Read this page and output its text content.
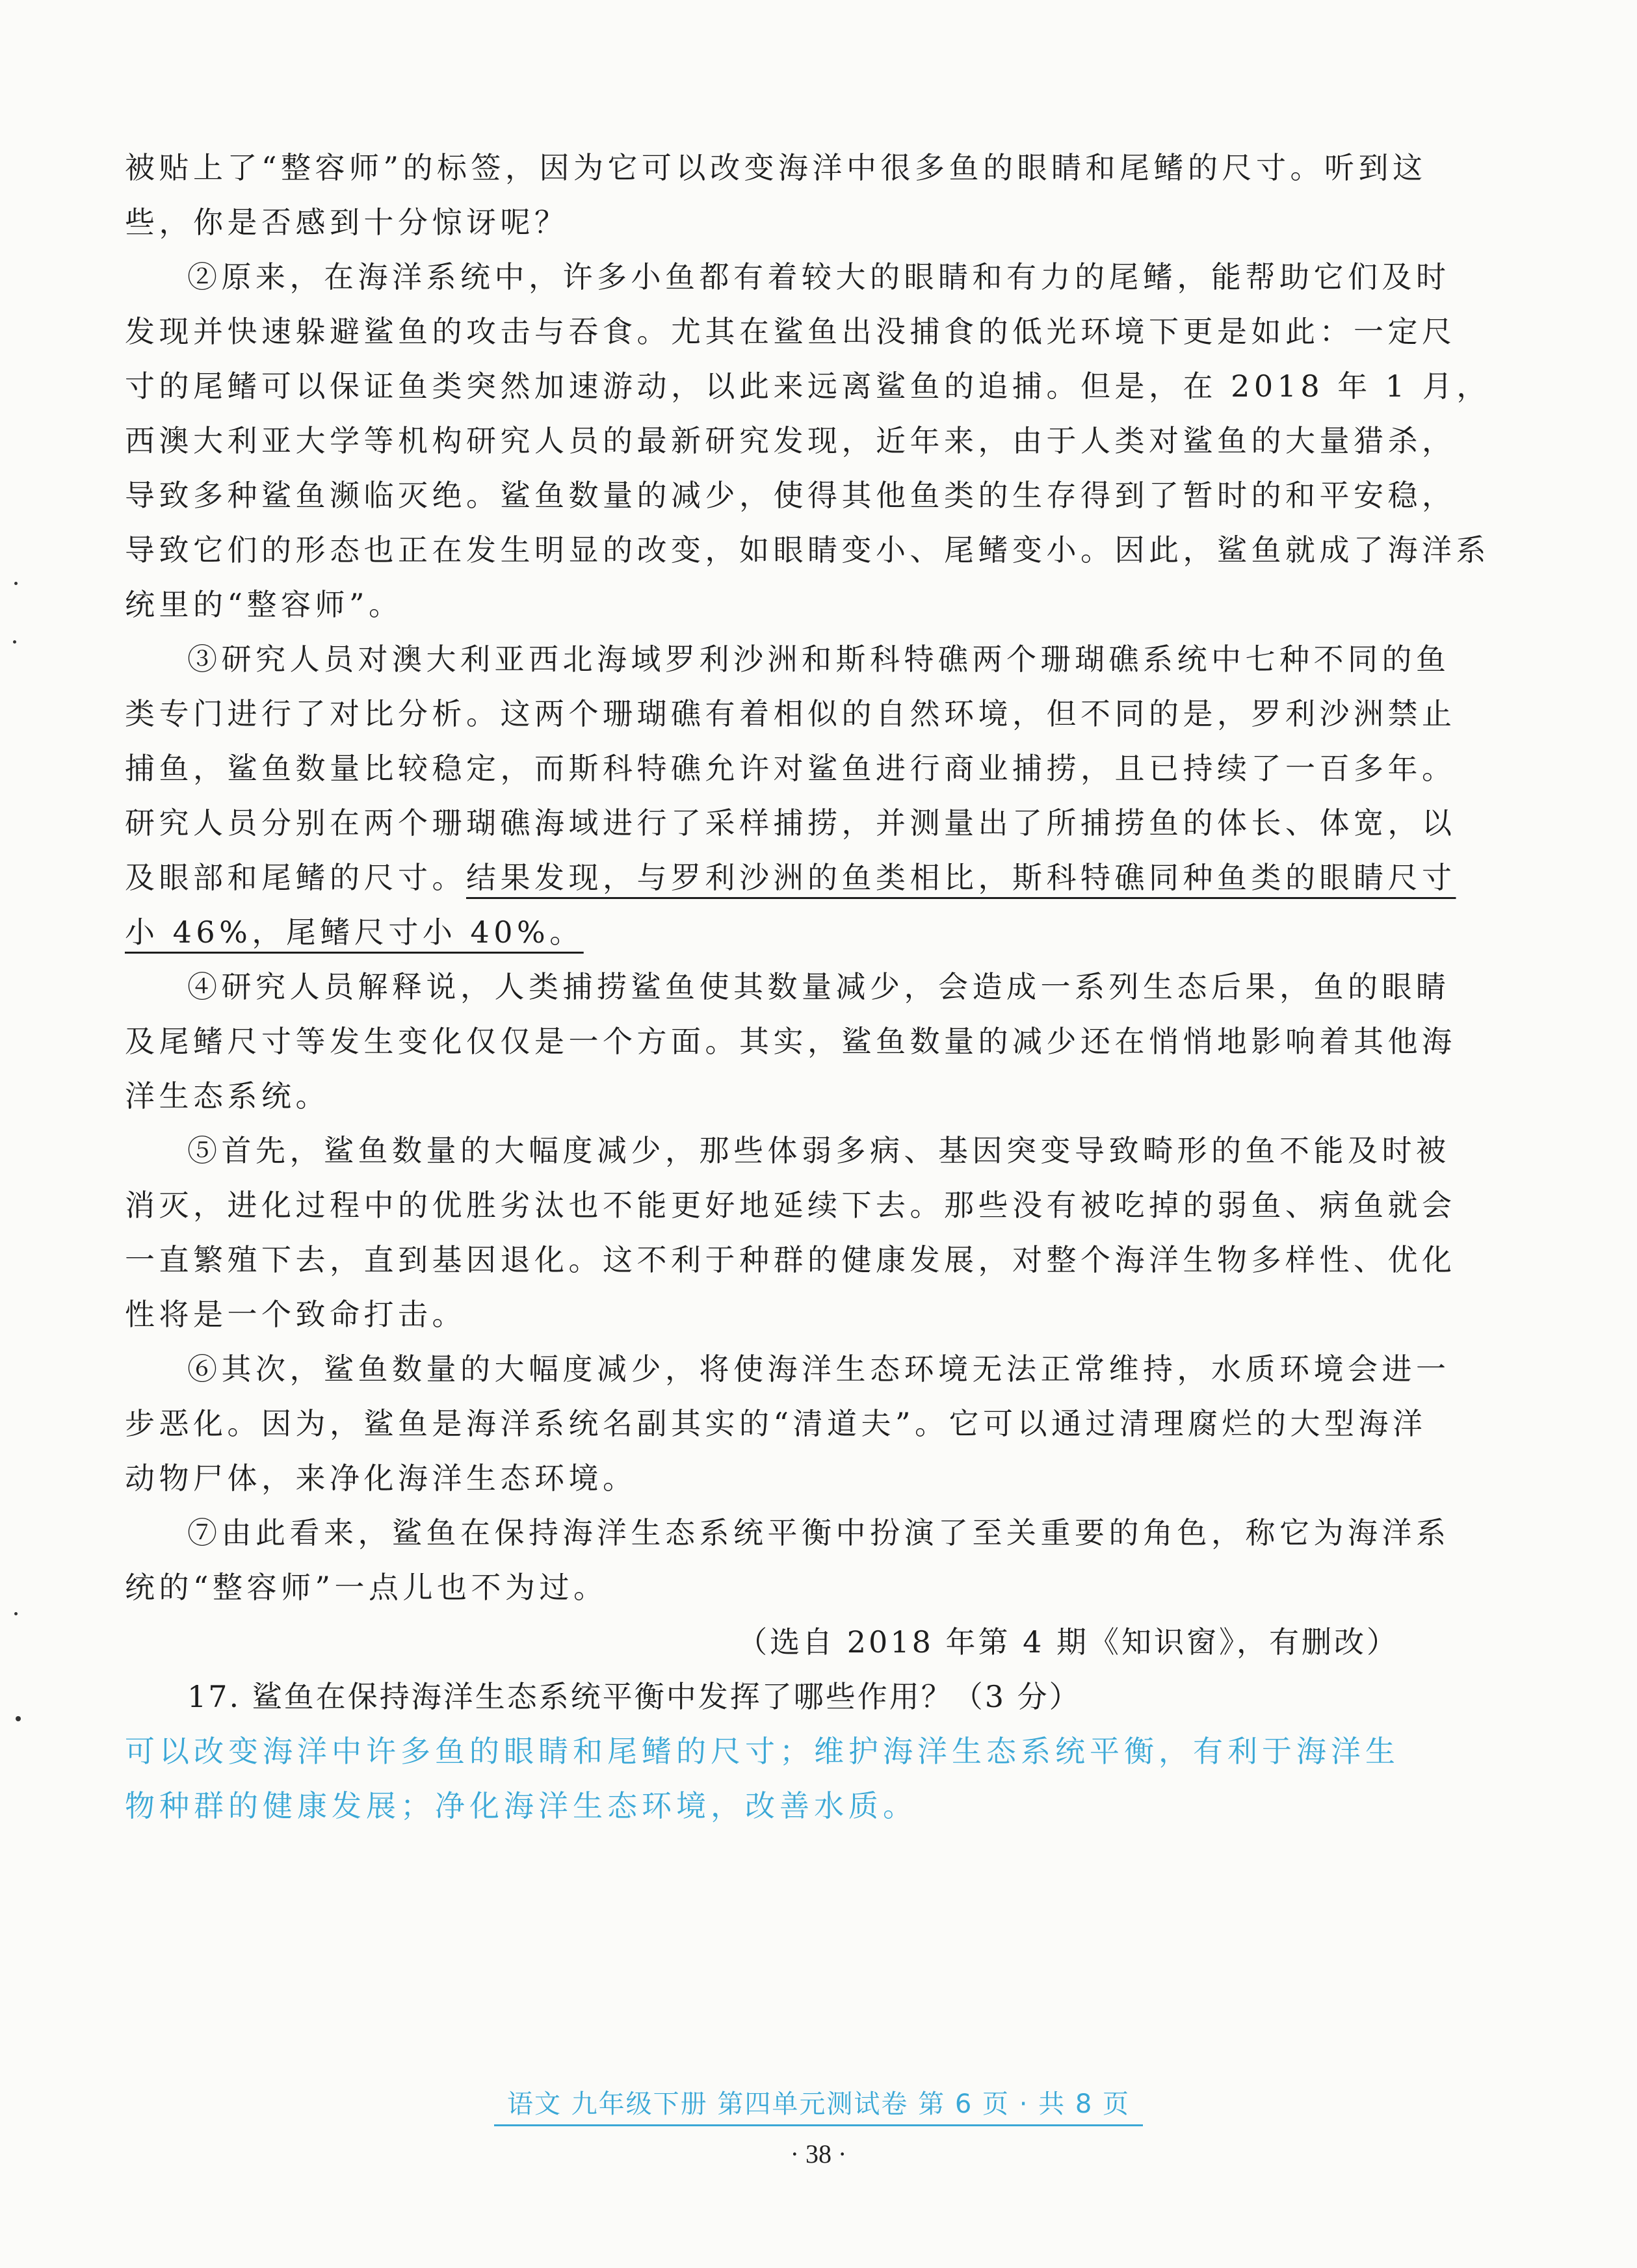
被贴上了“整容师”的标签，因为它可以改变海洋中很多鱼的眼睛和尾鳍的尺寸。听到这
些，你是否感到十分惊讶呢？
②原来，在海洋系统中，许多小鱼都有着较大的眼睛和有力的尾鳍，能帮助它们及时
发现并快速躲避鲨鱼的攻击与吞食。尤其在鲨鱼出没捕食的低光环境下更是如此：一定尺
寸的尾鳍可以保证鱼类突然加速游动，以此来远离鲨鱼的追捕。但是，在 2018 年 1 月，
西澳大利亚大学等机构研究人员的最新研究发现，近年来，由于人类对鲨鱼的大量猎杀，
导致多种鲨鱼濒临灭绝。鲨鱼数量的减少，使得其他鱼类的生存得到了暂时的和平安稳，
导致它们的形态也正在发生明显的改变，如眼睛变小、尾鳍变小。因此，鲨鱼就成了海洋系
统里的“整容师”。
③研究人员对澳大利亚西北海域罗利沙洲和斯科特礁两个珊瑚礁系统中七种不同的鱼
类专门进行了对比分析。这两个珊瑚礁有着相似的自然环境，但不同的是，罗利沙洲禁止
捕鱼，鲨鱼数量比较稳定，而斯科特礁允许对鲨鱼进行商业捕捞，且已持续了一百多年。
研究人员分别在两个珊瑚礁海域进行了采样捕捞，并测量出了所捕捞鱼的体长、体宽，以
及眼部和尾鳍的尺寸。结果发现，与罗利沙洲的鱼类相比，斯科特礁同种鱼类的眼睛尺寸
小 46%，尾鳍尺寸小 40%。
④研究人员解释说，人类捕捞鲨鱼使其数量减少，会造成一系列生态后果，鱼的眼睛
及尾鳍尺寸等发生变化仅仅是一个方面。其实，鲨鱼数量的减少还在悄悄地影响着其他海
洋生态系统。
⑤首先，鲨鱼数量的大幅度减少，那些体弱多病、基因突变导致畸形的鱼不能及时被
消灭，进化过程中的优胜劣汰也不能更好地延续下去。那些没有被吃掉的弱鱼、病鱼就会
一直繁殖下去，直到基因退化。这不利于种群的健康发展，对整个海洋生物多样性、优化
性将是一个致命打击。
⑥其次，鲨鱼数量的大幅度减少，将使海洋生态环境无法正常维持，水质环境会进一
步恶化。因为，鲨鱼是海洋系统名副其实的“清道夫”。它可以通过清理腐烂的大型海洋
动物尸体，来净化海洋生态环境。
⑦由此看来，鲨鱼在保持海洋生态系统平衡中扮演了至关重要的角色，称它为海洋系
统的“整容师”一点儿也不为过。
（选自 2018 年第 4 期《知识窗》，有删改）
17. 鲨鱼在保持海洋生态系统平衡中发挥了哪些作用？（3 分）
可以改变海洋中许多鱼的眼睛和尾鳍的尺寸；维护海洋生态系统平衡，有利于海洋生
物种群的健康发展；净化海洋生态环境，改善水质。
语文 九年级下册 第四单元测试卷 第 6 页 · 共 8 页
· 38 ·
